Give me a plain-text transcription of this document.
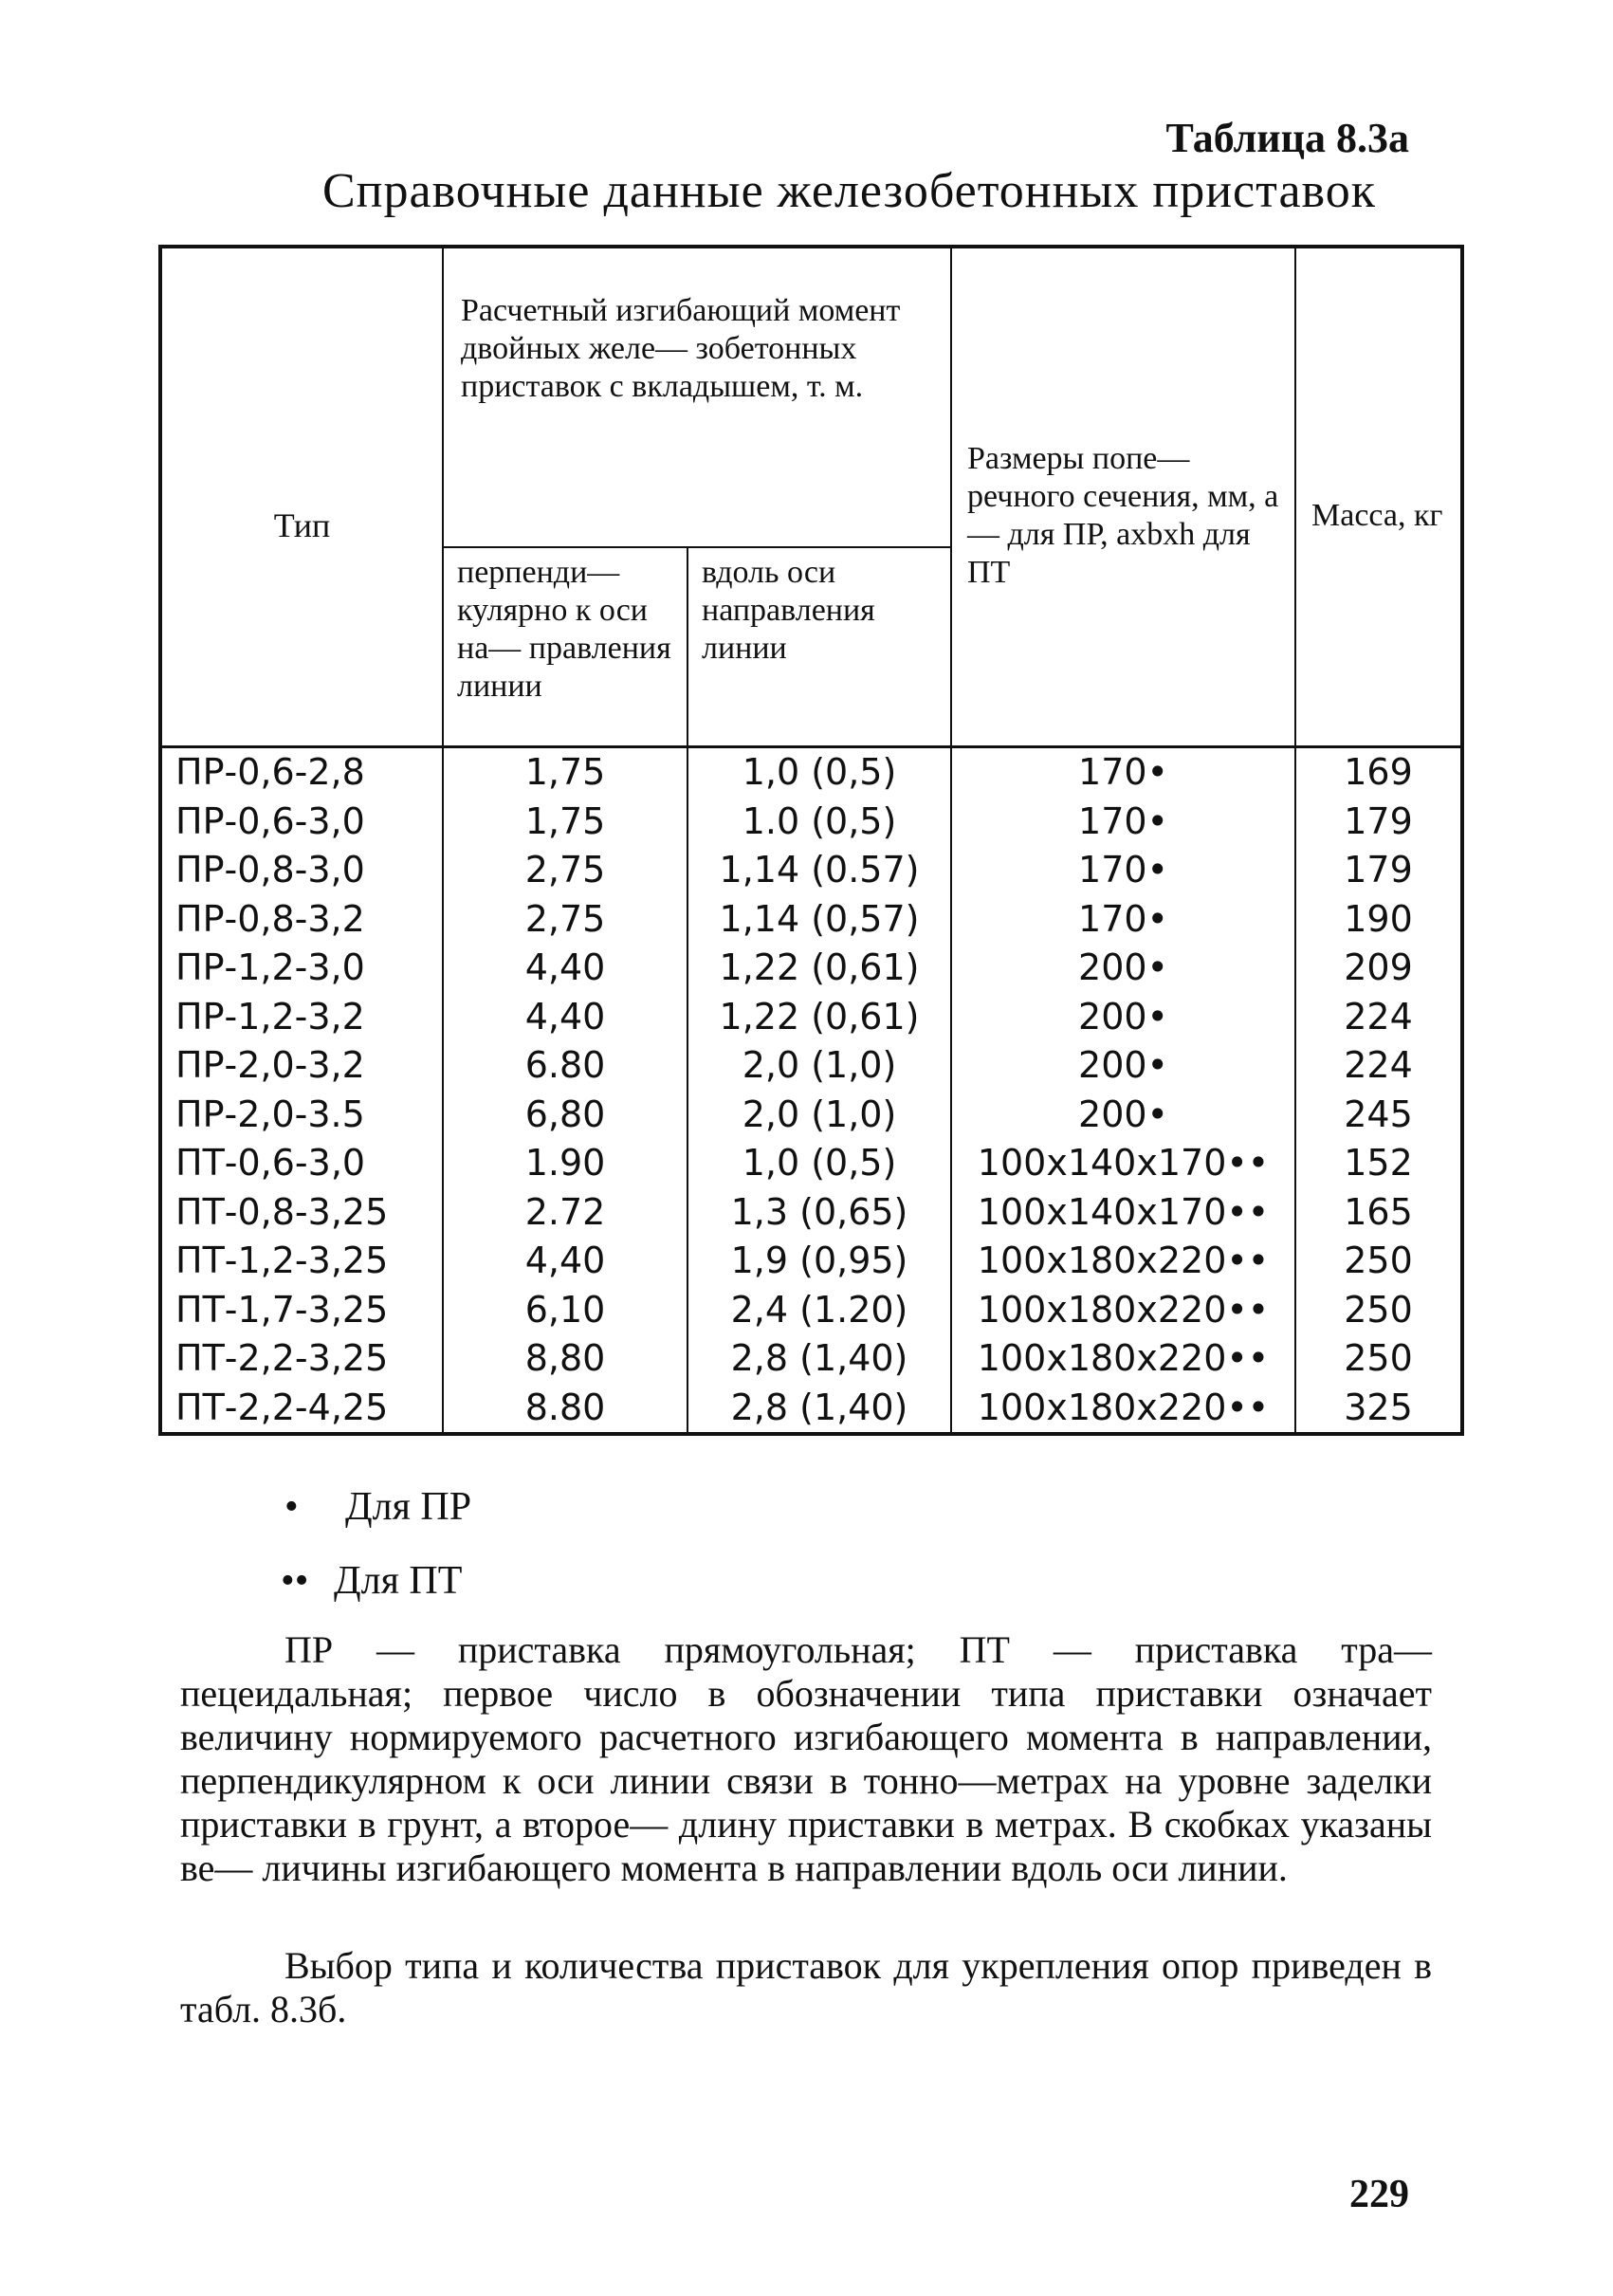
Таблица 8.3а
Справочные данные железобетонных приставок
Тип	Расчетный изгибающий момент двойных желе— зобетонных приставок с вкладышем, т. м.		Размеры попе— речного сечения, мм, a — для ПР, axbxh для ПТ	Масса, кг
	перпенди— кулярно к оси на— правления линии	вдоль оси направления линии		
ПР-0,6-2,8	1,75	1,0 (0,5)	170•	169
ПР-0,6-3,0	1,75	1.0 (0,5)	170•	179
ПР-0,8-3,0	2,75	1,14 (0.57)	170•	179
ПР-0,8-3,2	2,75	1,14 (0,57)	170•	190
ПР-1,2-3,0	4,40	1,22 (0,61)	200•	209
ПР-1,2-3,2	4,40	1,22 (0,61)	200•	224
ПР-2,0-3,2	6.80	2,0 (1,0)	200•	224
ПР-2,0-3.5	6,80	2,0 (1,0)	200•	245
ПТ-0,6-3,0	1.90	1,0 (0,5)	100x140x170••	152
ПТ-0,8-3,25	2.72	1,3 (0,65)	100x140x170••	165
ПТ-1,2-3,25	4,40	1,9 (0,95)	100x180x220••	250
ПТ-1,7-3,25	6,10	2,4 (1.20)	100x180x220••	250
ПТ-2,2-3,25	8,80	2,8 (1,40)	100x180x220••	250
ПТ-2,2-4,25	8.80	2,8 (1,40)	100x180x220••	325
• Для ПР
•• Для ПТ

ПР — приставка прямоугольная; ПТ — приставка тра— пецеидальная; первое число в обозначении типа приставки означает величину нормируемого расчетного изгибающего момента в направлении, перпендикулярном к оси линии связи в тонно—метрах на уровне заделки приставки в грунт, а второе— длину приставки в метрах. В скобках указаны ве— личины изгибающего момента в направлении вдоль оси линии.

Выбор типа и количества приставок для укрепления опор приведен в табл. 8.3б.

229
